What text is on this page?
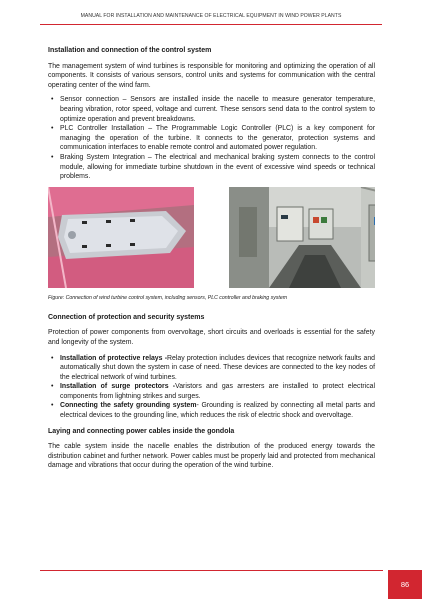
MANUAL FOR INSTALLATION AND MAINTENANCE OF ELECTRICAL EQUIPMENT IN WIND POWER PLANTS

Installation and connection of the control system

The management system of wind turbines is responsible for monitoring and optimizing the operation of all components. It consists of various sensors, control units and systems for communication with the central operating center of the wind farm.

• Sensor connection – Sensors are installed inside the nacelle to measure generator temperature, bearing vibration, rotor speed, voltage and current. These sensors send data to the control system to optimize operation and prevent breakdowns.
• PLC Controller Installation – The Programmable Logic Controller (PLC) is a key component for managing the operation of the turbine. It connects to the generator, protection systems and communication interfaces to enable remote control and automated power regulation.
• Braking System Integration – The electrical and mechanical braking system connects to the control module, allowing for immediate turbine shutdown in the event of excessive wind speeds or technical problems.

Figure: Connection of wind turbine control system, including sensors, PLC controller and braking system

Connection of protection and security systems

Protection of power components from overvoltage, short circuits and overloads is essential for the safety and longevity of the system.

• Installation of protective relays -Relay protection includes devices that recognize network faults and automatically shut down the system in case of need. These devices are connected to the key nodes of the electrical network of wind turbines.
• Installation of surge protectors -Varistors and gas arresters are installed to protect electrical components from lightning strikes and surges.
• Connecting the safety grounding system- Grounding is realized by connecting all metal parts and electrical devices to the grounding line, which reduces the risk of electric shock and overvoltage.

Laying and connecting power cables inside the gondola

The cable system inside the nacelle enables the distribution of the produced energy towards the distribution cabinet and further network. Power cables must be properly laid and protected from mechanical damage and vibrations that occur during the operation of the wind turbine.

86
